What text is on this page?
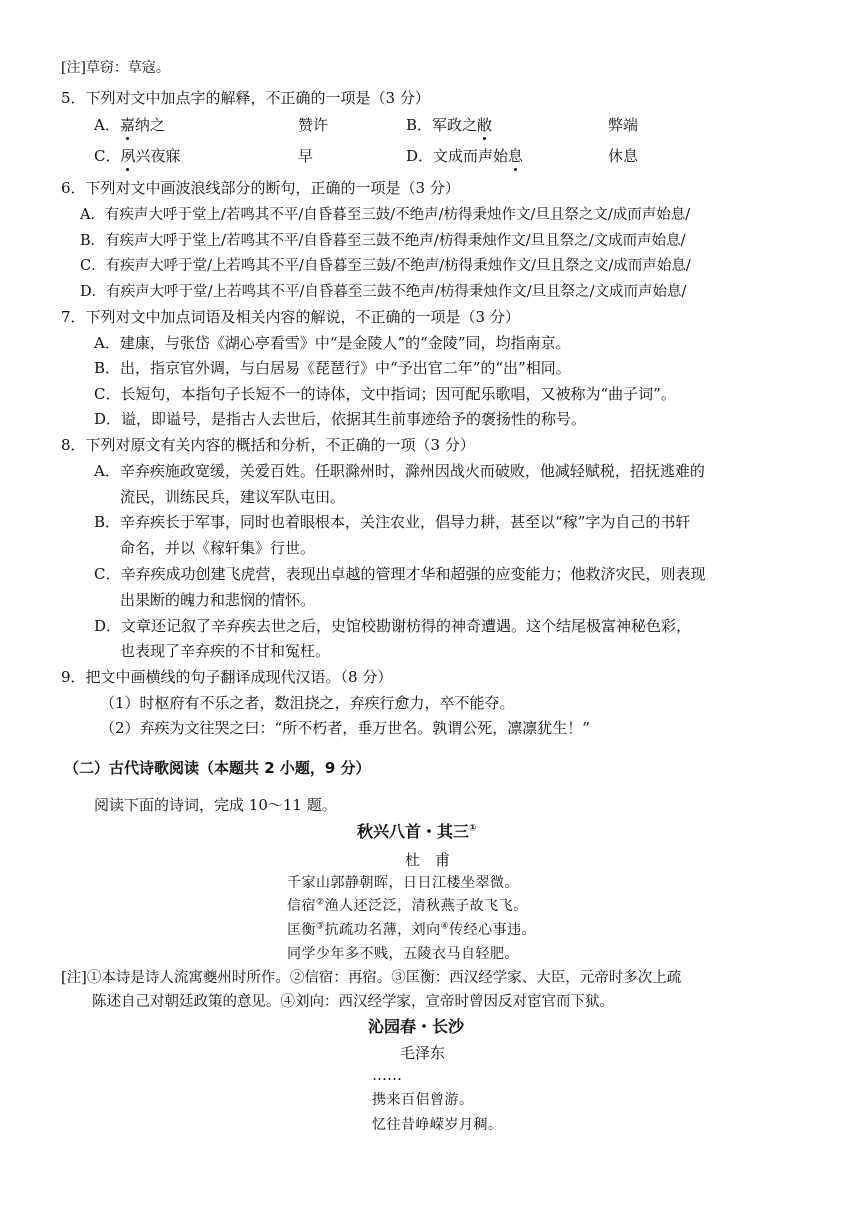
[注]草窃：草寇。
5．下列对文中加点字的解释，不正确的一项是（3 分）
A．嘉纳之	赞许	B．军政之敝	弊端
C．夙兴夜寐	早	D．文成而声始息	休息
6．下列对文中画波浪线部分的断句，正确的一项是（3 分）
A．有疾声大呼于堂上/若鸣其不平/自昏暮至三鼓/不绝声/枋得秉烛作文/旦且祭之文/成而声始息/
B．有疾声大呼于堂上/若鸣其不平/自昏暮至三鼓不绝声/枋得秉烛作文/旦且祭之/文成而声始息/
C．有疾声大呼于堂/上若鸣其不平/自昏暮至三鼓/不绝声/枋得秉烛作文/旦且祭之文/成而声始息/
D．有疾声大呼于堂/上若鸣其不平/自昏暮至三鼓不绝声/枋得秉烛作文/旦且祭之/文成而声始息/
7．下列对文中加点词语及相关内容的解说，不正确的一项是（3 分）
A．建康，与张岱《湖心亭看雪》中“是金陵人”的“金陵”同，均指南京。
B．出，指京官外调，与白居易《琵琶行》中“予出官二年”的“出”相同。
C．长短句，本指句子长短不一的诗体，文中指词；因可配乐歌唱，又被称为“曲子词”。
D．谥，即谥号，是指古人去世后，依据其生前事迹给予的褒扬性的称号。
8．下列对原文有关内容的概括和分析，不正确的一项（3 分）
A．辛弃疾施政宽缓，关爱百姓。任职滁州时，滁州因战火而破败，他减轻赋税，招抚逃难的
流民，训练民兵，建议军队屯田。
B．辛弃疾长于军事，同时也着眼根本，关注农业，倡导力耕，甚至以“稼”字为自己的书轩
命名，并以《稼轩集》行世。
C．辛弃疾成功创建飞虎营，表现出卓越的管理才华和超强的应变能力；他救济灾民，则表现
出果断的魄力和悲悯的情怀。
D．文章还记叙了辛弃疾去世之后，史馆校勘谢枋得的神奇遭遇。这个结尾极富神秘色彩，
也表现了辛弃疾的不甘和冤枉。
9．把文中画横线的句子翻译成现代汉语。（8 分）
（1）时枢府有不乐之者，数沮挠之，弃疾行愈力，卒不能夺。
（2）弃疾为文往哭之曰：“所不朽者，垂万世名。孰谓公死，凛凛犹生！”
（二）古代诗歌阅读（本题共 2 小题，9 分）
阅读下面的诗词，完成 10～11 题。
秋兴八首・其三①
杜　甫
千家山郭静朝晖，日日江楼坐翠微。
信宿②渔人还泛泛，清秋燕子故飞飞。
匡衡③抗疏功名薄，刘向④传经心事违。
同学少年多不贱，五陵衣马自轻肥。
[注]①本诗是诗人流寓夔州时所作。②信宿：再宿。③匡衡：西汉经学家、大臣，元帝时多次上疏
陈述自己对朝廷政策的意见。④刘向：西汉经学家，宣帝时曾因反对宦官而下狱。
沁园春・长沙
毛泽东
……
携来百侣曾游。
忆往昔峥嵘岁月稠。
